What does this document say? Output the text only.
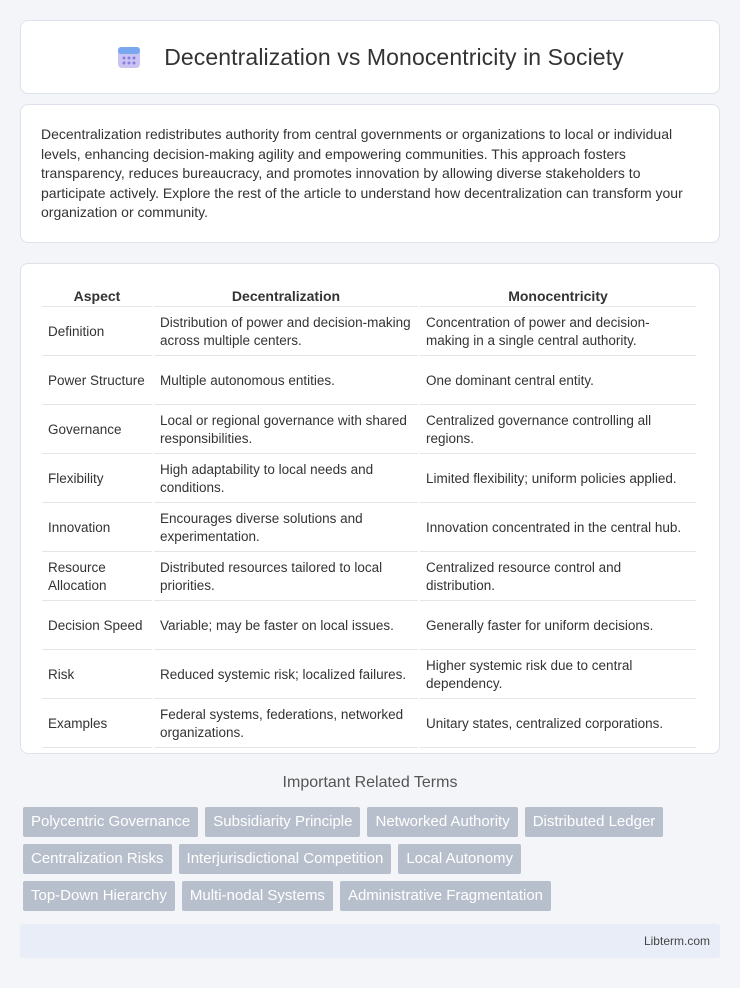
Decentralization vs Monocentricity in Society

Decentralization redistributes authority from central governments or organizations to local or individual levels, enhancing decision-making agility and empowering communities. This approach fosters transparency, reduces bureaucracy, and promotes innovation by allowing diverse stakeholders to participate actively. Explore the rest of the article to understand how decentralization can transform your organization or community.

Aspect	Decentralization	Monocentricity
Definition	Distribution of power and decision-making across multiple centers.	Concentration of power and decision-making in a single central authority.
Power Structure	Multiple autonomous entities.	One dominant central entity.
Governance	Local or regional governance with shared responsibilities.	Centralized governance controlling all regions.
Flexibility	High adaptability to local needs and conditions.	Limited flexibility; uniform policies applied.
Innovation	Encourages diverse solutions and experimentation.	Innovation concentrated in the central hub.
Resource Allocation	Distributed resources tailored to local priorities.	Centralized resource control and distribution.
Decision Speed	Variable; may be faster on local issues.	Generally faster for uniform decisions.
Risk	Reduced systemic risk; localized failures.	Higher systemic risk due to central dependency.
Examples	Federal systems, federations, networked organizations.	Unitary states, centralized corporations.
Important Related Terms
Polycentric Governance	Subsidiarity Principle	Networked Authority	Distributed Ledger
Centralization Risks	Interjurisdictional Competition	Local Autonomy
Top-Down Hierarchy	Multi-nodal Systems	Administrative Fragmentation
Libterm.com
